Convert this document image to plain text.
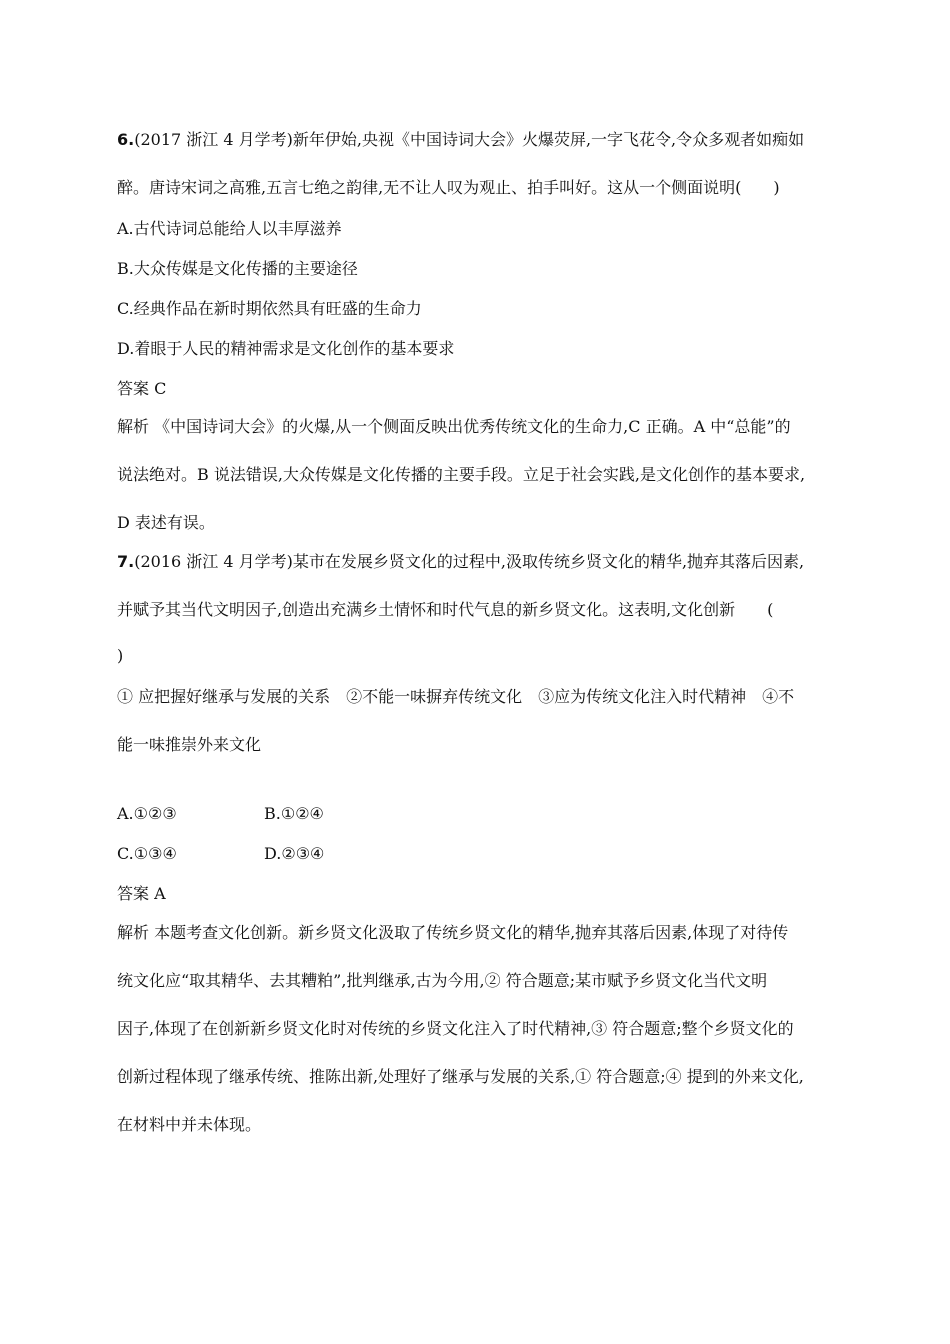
6.(2017 浙江 4 月学考)新年伊始,央视《中国诗词大会》火爆荧屏,一字飞花令,令众多观者如痴如
醉。唐诗宋词之高雅,五言七绝之韵律,无不让人叹为观止、拍手叫好。这从一个侧面说明(　　)
A.古代诗词总能给人以丰厚滋养
B.大众传媒是文化传播的主要途径
C.经典作品在新时期依然具有旺盛的生命力
D.着眼于人民的精神需求是文化创作的基本要求
答案 C
解析 《中国诗词大会》的火爆,从一个侧面反映出优秀传统文化的生命力,C 正确。A 中“总能”的
说法绝对。B 说法错误,大众传媒是文化传播的主要手段。立足于社会实践,是文化创作的基本要求,
D 表述有误。
7.(2016 浙江 4 月学考)某市在发展乡贤文化的过程中,汲取传统乡贤文化的精华,抛弃其落后因素,
并赋予其当代文明因子,创造出充满乡土情怀和时代气息的新乡贤文化。这表明,文化创新　　(
)
① 应把握好继承与发展的关系　②不能一味摒弃传统文化　③应为传统文化注入时代精神　④不
能一味推崇外来文化
A.①②③	B.①②④
C.①③④	D.②③④
答案 A
解析 本题考查文化创新。新乡贤文化汲取了传统乡贤文化的精华,抛弃其落后因素,体现了对待传
统文化应“取其精华、去其糟粕”,批判继承,古为今用,② 符合题意;某市赋予乡贤文化当代文明
因子,体现了在创新新乡贤文化时对传统的乡贤文化注入了时代精神,③ 符合题意;整个乡贤文化的
创新过程体现了继承传统、推陈出新,处理好了继承与发展的关系,① 符合题意;④ 提到的外来文化,
在材料中并未体现。
